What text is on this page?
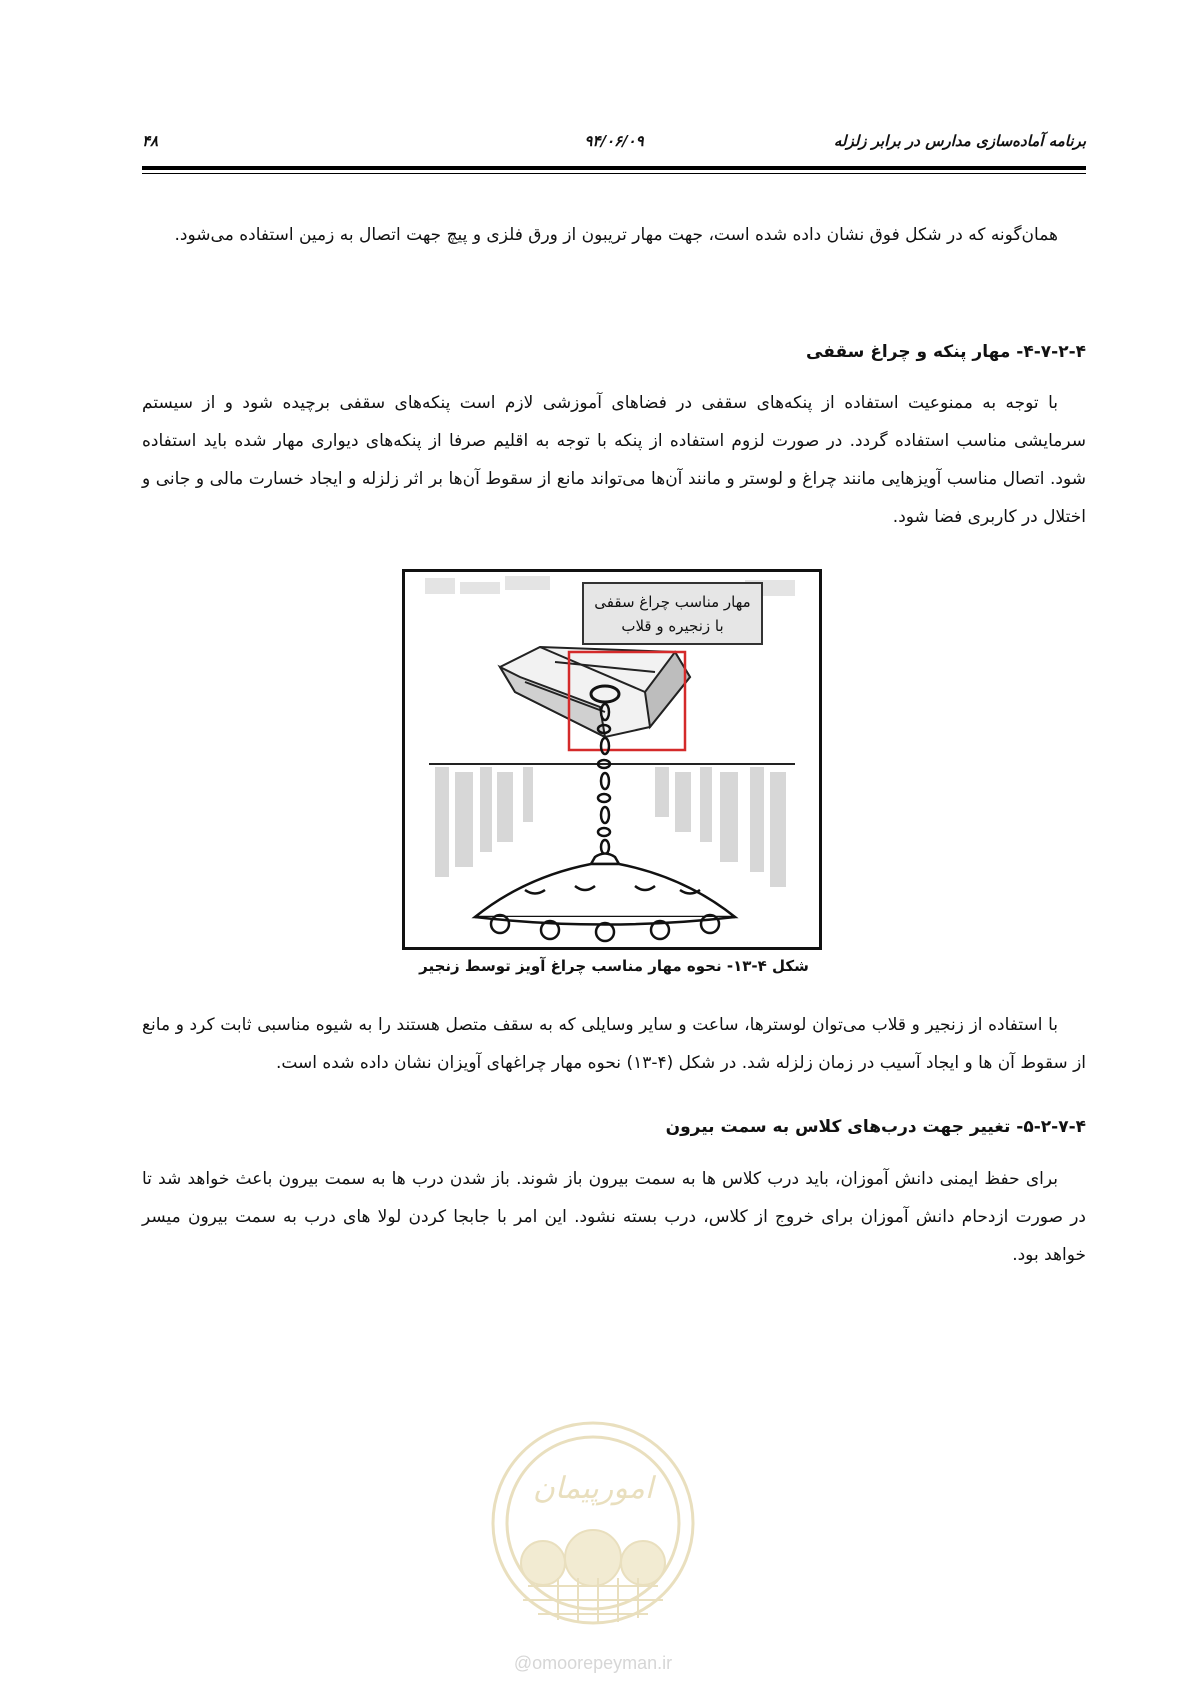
برنامه آماده‌سازی مدارس در برابر زلزله
۹۴/۰۶/۰۹
۴۸

همان‌گونه که در شکل فوق نشان داده شده است، جهت مهار تریبون از ورق فلزی و پیچ جهت اتصال به زمین استفاده می‌شود.

۴-۷-۲-۴- مهار پنکه و چراغ سقفی

با توجه به ممنوعیت استفاده از پنکه‌های سقفی در فضاهای آموزشی لازم است پنکه‌های سقفی برچیده شود و از سیستم سرمایشی مناسب استفاده گردد. در صورت لزوم استفاده از پنکه با توجه به اقلیم صرفا از پنکه‌های دیواری مهار شده باید استفاده شود. اتصال مناسب آویزهایی مانند چراغ و لوستر و مانند آن‌ها می‌تواند مانع از سقوط آن‌ها بر اثر زلزله و ایجاد خسارت مالی و جانی و اختلال در کاربری فضا شود.

مهار مناسب چراغ سقفی
با زنجیره و قلاب
شکل ۴-۱۳- نحوه مهار مناسب چراغ آویز توسط زنجیر

با استفاده از زنجیر و قلاب می‌توان لوسترها، ساعت و سایر وسایلی که به سقف متصل هستند را به شیوه مناسبی ثابت کرد و مانع از سقوط آن ها و ایجاد آسیب در زمان زلزله شد. در شکل (۴-۱۳) نحوه مهار چراغهای آویزان نشان داده شده است.

۵-۲-۷-۴- تغییر جهت درب‌های کلاس به سمت بیرون

برای حفظ ایمنی دانش آموزان، باید درب کلاس ها به سمت بیرون باز شوند. باز شدن درب ها به سمت بیرون باعث خواهد شد تا در صورت ازدحام دانش آموزان برای خروج از کلاس، درب بسته نشود. این امر با جابجا کردن لولا های درب به سمت بیرون میسر خواهد بود.

امورپیمان
@omoorepeyman.ir
